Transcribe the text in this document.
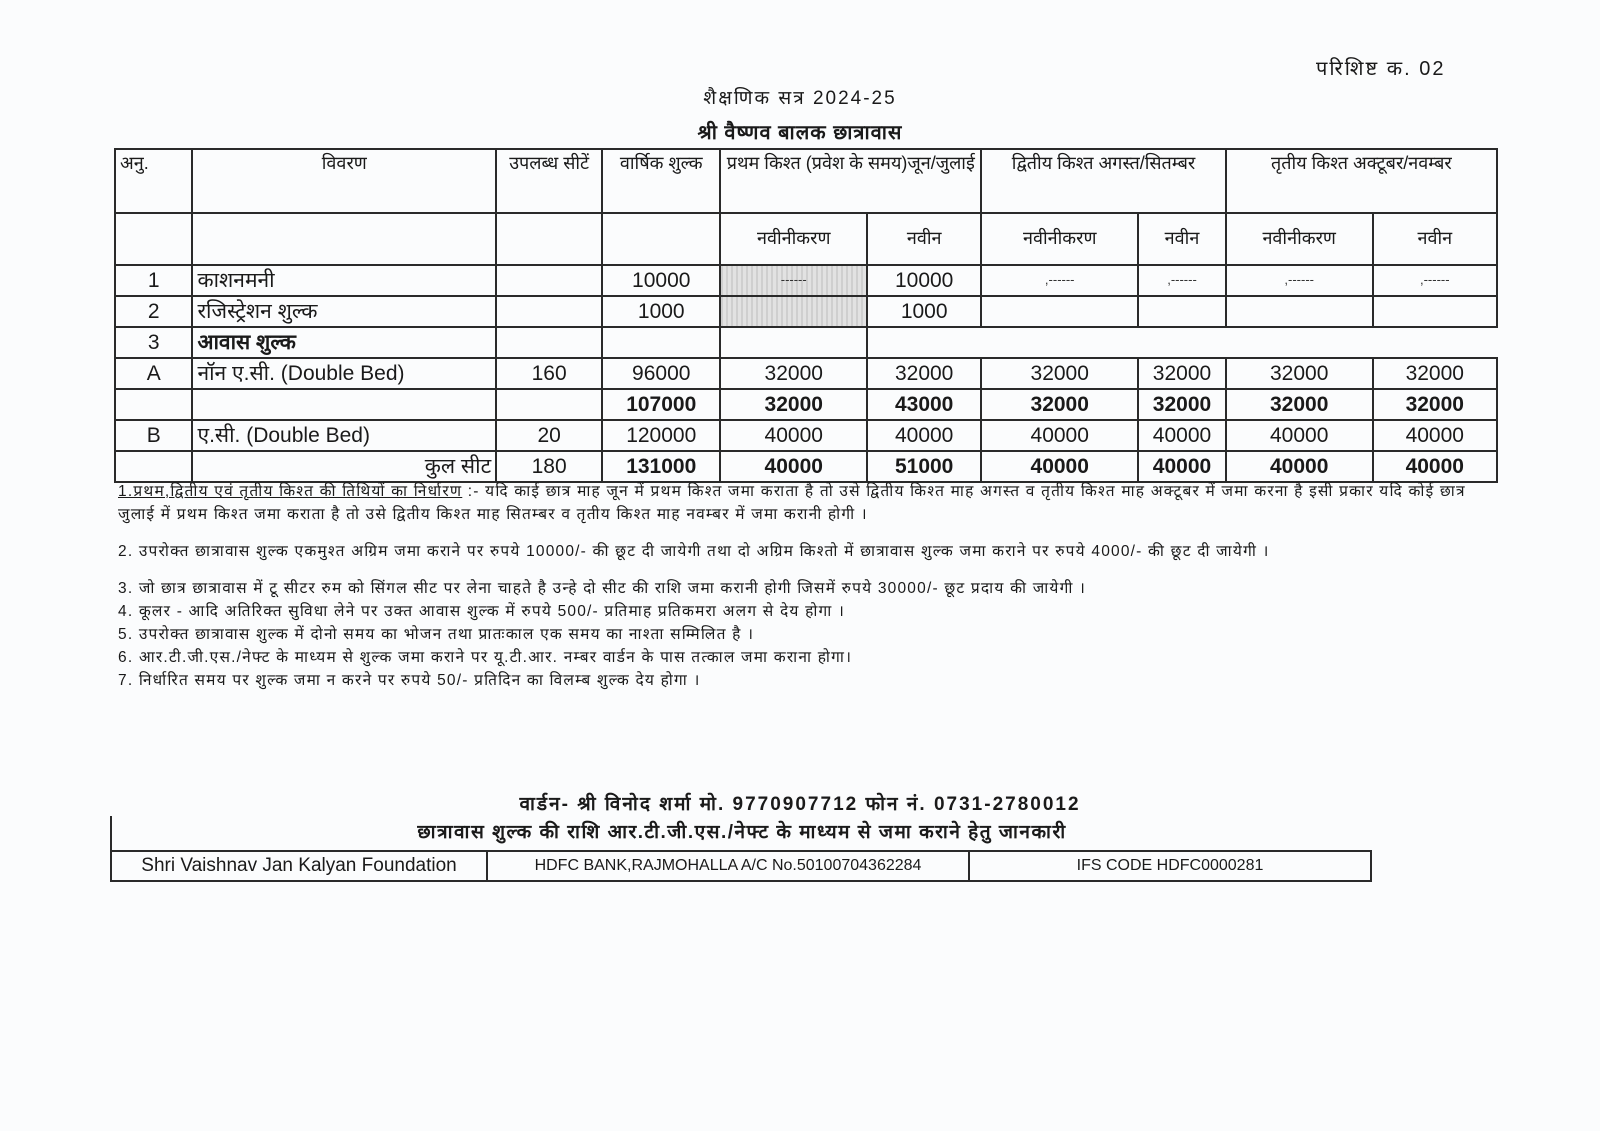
परिशिष्ट क. 02
शैक्षणिक सत्र 2024-25
श्री वैष्णव बालक छात्रावास
अनु.	विवरण	उपलब्ध सीटें	वार्षिक शुल्क	प्रथम किश्त (प्रवेश के समय)जून/जुलाई		द्वितीय किश्त अगस्त/सितम्बर		तृतीय किश्त अक्टूबर/नवम्बर	
				नवीनीकरण	नवीन	नवीनीकरण	नवीन	नवीनीकरण	नवीन
1	काशनमनी		10000	------	10000	,------	,------	,------	,------
2	रजिस्ट्रेशन शुल्क		1000		1000				
3	आवास शुल्क								
A	नॉन ए.सी. (Double Bed)	160	96000	32000	32000	32000	32000	32000	32000
			107000	32000	43000	32000	32000	32000	32000
B	ए.सी. (Double Bed)	20	120000	40000	40000	40000	40000	40000	40000
	कुल सीट	180	131000	40000	51000	40000	40000	40000	40000

1.प्रथम,द्वितीय एवं तृतीय किश्त की तिथियों का निर्धारण :- यदि काई छात्र माह जून में प्रथम किश्त जमा कराता है तो उसे द्वितीय किश्त माह अगस्त व तृतीय किश्त माह अक्टूबर में जमा करना है इसी प्रकार यदि कोई छात्र जुलाई में प्रथम किश्त जमा कराता है तो उसे द्वितीय किश्त माह सितम्बर व तृतीय किश्त माह नवम्बर में जमा करानी होगी ।

2. उपरोक्त छात्रावास शुल्क एकमुश्त अग्रिम जमा कराने पर रुपये 10000/- की छूट दी जायेगी तथा दो अग्रिम किश्तो में छात्रावास शुल्क जमा कराने पर रुपये 4000/- की छूट दी जायेगी ।

3. जो छात्र छात्रावास में टू सीटर रुम को सिंगल सीट पर लेना चाहते है उन्हे दो सीट की राशि जमा करानी होगी जिसमें रुपये 30000/- छूट प्रदाय की जायेगी ।

4. कूलर - आदि अतिरिक्त सुविधा लेने पर उक्त आवास शुल्क में रुपये 500/- प्रतिमाह प्रतिकमरा अलग से देय होगा ।

5. उपरोक्त छात्रावास शुल्क में दोनो समय का भोजन तथा प्रातःकाल एक समय का नाश्ता सम्मिलित है ।

6. आर.टी.जी.एस./नेफ्ट के माध्यम से शुल्क जमा कराने पर यू.टी.आर. नम्बर वार्डन के पास तत्काल जमा कराना होगा।

7. निर्धारित समय पर शुल्क जमा न करने पर रुपये 50/- प्रतिदिन का विलम्ब शुल्क देय होगा ।

वार्डन- श्री विनोद शर्मा मो. 9770907712 फोन नं. 0731-2780012
छात्रावास शुल्क की राशि आर.टी.जी.एस./नेफ्ट के माध्यम से जमा कराने हेतु जानकारी
Shri Vaishnav Jan Kalyan Foundation	HDFC BANK,RAJMOHALLA A/C No.50100704362284	IFS CODE HDFC0000281
